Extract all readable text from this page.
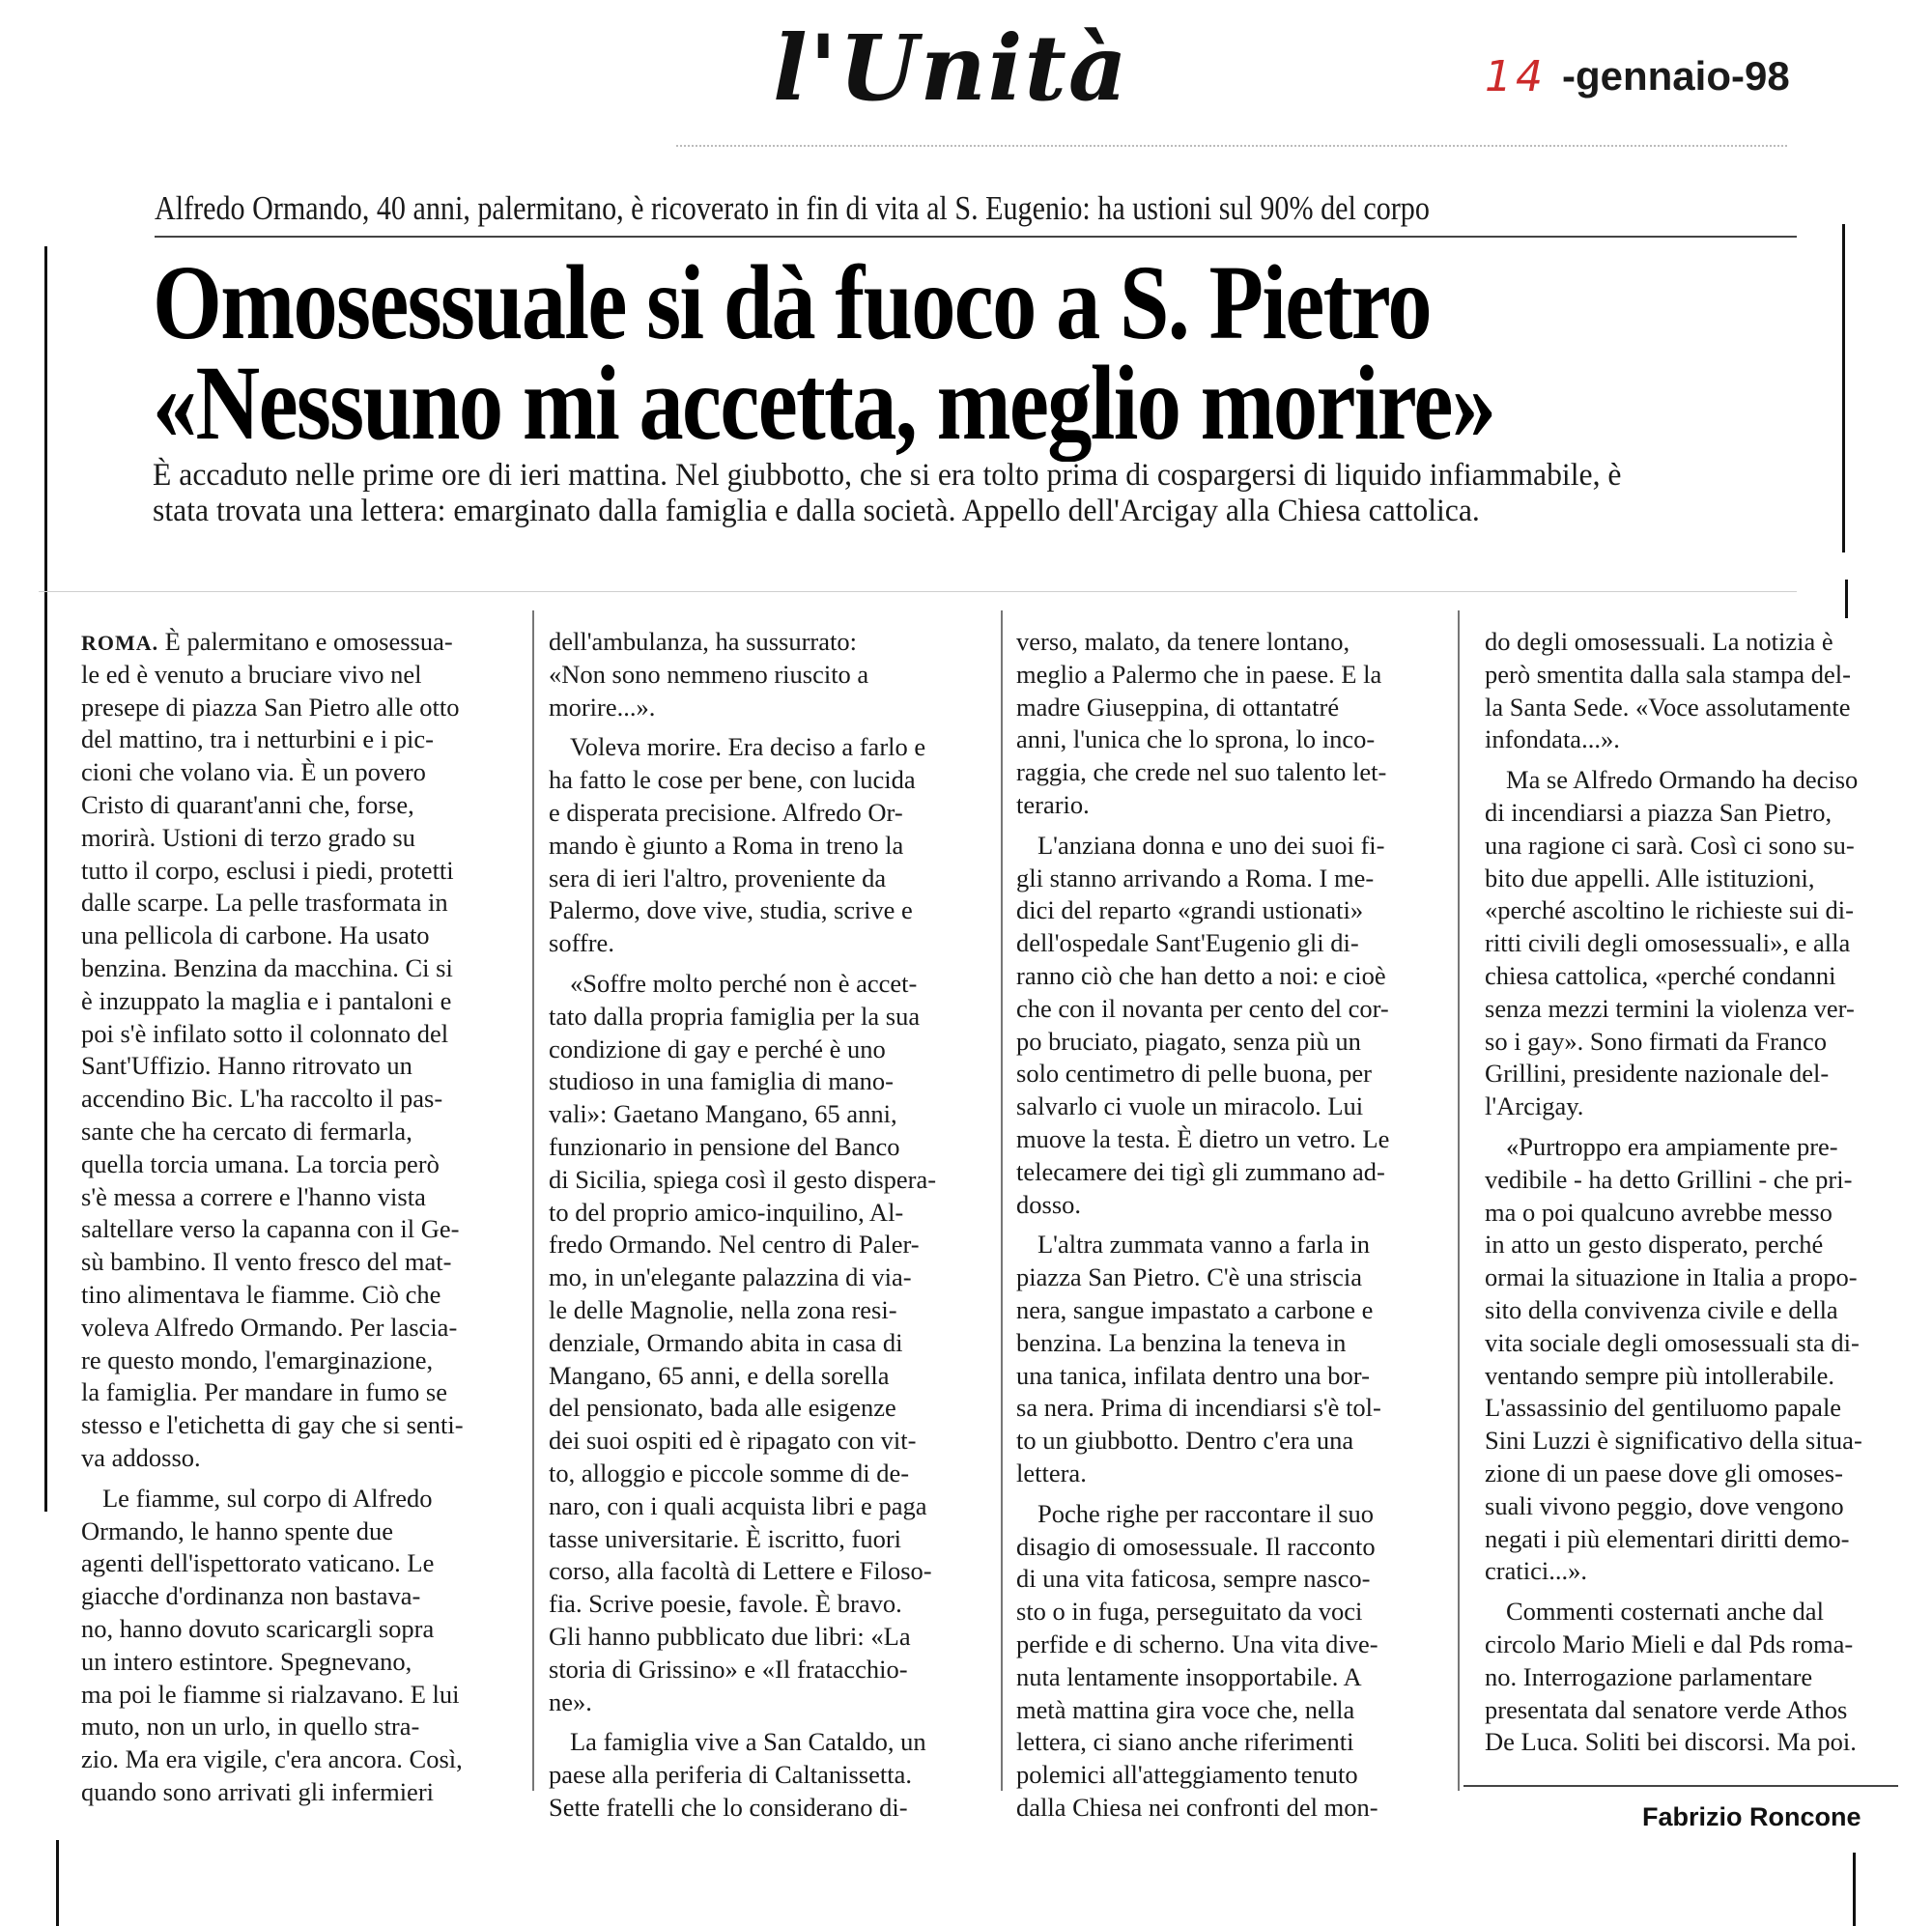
l'Unità	14 -gennaio-98
Alfredo Ormando, 40 anni, palermitano, è ricoverato in fin di vita al S. Eugenio: ha ustioni sul 90% del corpo
Omosessuale si dà fuoco a S. Pietro
«Nessuno mi accetta, meglio morire»

È accaduto nelle prime ore di ieri mattina. Nel giubbotto, che si era tolto prima di cospargersi di liquido infiammabile, è
stata trovata una lettera: emarginato dalla famiglia e dalla società. Appello dell'Arcigay alla Chiesa cattolica.

ROMA. È palermitano e omosessua-
le ed è venuto a bruciare vivo nel
presepe di piazza San Pietro alle otto
del mattino, tra i netturbini e i pic-
cioni che volano via. È un povero
Cristo di quarant'anni che, forse,
morirà. Ustioni di terzo grado su
tutto il corpo, esclusi i piedi, protetti
dalle scarpe. La pelle trasformata in
una pellicola di carbone. Ha usato
benzina. Benzina da macchina. Ci si
è inzuppato la maglia e i pantaloni e
poi s'è infilato sotto il colonnato del
Sant'Uffizio. Hanno ritrovato un
accendino Bic. L'ha raccolto il pas-
sante che ha cercato di fermarla,
quella torcia umana. La torcia però
s'è messa a correre e l'hanno vista
saltellare verso la capanna con il Ge-
sù bambino. Il vento fresco del mat-
tino alimentava le fiamme. Ciò che
voleva Alfredo Ormando. Per lascia-
re questo mondo, l'emarginazione,
la famiglia. Per mandare in fumo se
stesso e l'etichetta di gay che si senti-
va addosso.
Le fiamme, sul corpo di Alfredo
Ormando, le hanno spente due
agenti dell'ispettorato vaticano. Le
giacche d'ordinanza non bastava-
no, hanno dovuto scaricargli sopra
un intero estintore. Spegnevano,
ma poi le fiamme si rialzavano. E lui
muto, non un urlo, in quello stra-
zio. Ma era vigile, c'era ancora. Così,
quando sono arrivati gli infermieri
dell'ambulanza, ha sussurrato:
«Non sono nemmeno riuscito a
morire...».
Voleva morire. Era deciso a farlo e
ha fatto le cose per bene, con lucida
e disperata precisione. Alfredo Or-
mando è giunto a Roma in treno la
sera di ieri l'altro, proveniente da
Palermo, dove vive, studia, scrive e
soffre.
«Soffre molto perché non è accet-
tato dalla propria famiglia per la sua
condizione di gay e perché è uno
studioso in una famiglia di mano-
vali»: Gaetano Mangano, 65 anni,
funzionario in pensione del Banco
di Sicilia, spiega così il gesto dispera-
to del proprio amico-inquilino, Al-
fredo Ormando. Nel centro di Paler-
mo, in un'elegante palazzina di via-
le delle Magnolie, nella zona resi-
denziale, Ormando abita in casa di
Mangano, 65 anni, e della sorella
del pensionato, bada alle esigenze
dei suoi ospiti ed è ripagato con vit-
to, alloggio e piccole somme di de-
naro, con i quali acquista libri e paga
tasse universitarie. È iscritto, fuori
corso, alla facoltà di Lettere e Filoso-
fia. Scrive poesie, favole. È bravo.
Gli hanno pubblicato due libri: «La
storia di Grissino» e «Il fratacchio-
ne».
La famiglia vive a San Cataldo, un
paese alla periferia di Caltanissetta.
Sette fratelli che lo considerano di-
verso, malato, da tenere lontano,
meglio a Palermo che in paese. E la
madre Giuseppina, di ottantatré
anni, l'unica che lo sprona, lo inco-
raggia, che crede nel suo talento let-
terario.
L'anziana donna e uno dei suoi fi-
gli stanno arrivando a Roma. I me-
dici del reparto «grandi ustionati»
dell'ospedale Sant'Eugenio gli di-
ranno ciò che han detto a noi: e cioè
che con il novanta per cento del cor-
po bruciato, piagato, senza più un
solo centimetro di pelle buona, per
salvarlo ci vuole un miracolo. Lui
muove la testa. È dietro un vetro. Le
telecamere dei tigì gli zummano ad-
dosso.
L'altra zummata vanno a farla in
piazza San Pietro. C'è una striscia
nera, sangue impastato a carbone e
benzina. La benzina la teneva in
una tanica, infilata dentro una bor-
sa nera. Prima di incendiarsi s'è tol-
to un giubbotto. Dentro c'era una
lettera.
Poche righe per raccontare il suo
disagio di omosessuale. Il racconto
di una vita faticosa, sempre nasco-
sto o in fuga, perseguitato da voci
perfide e di scherno. Una vita dive-
nuta lentamente insopportabile. A
metà mattina gira voce che, nella
lettera, ci siano anche riferimenti
polemici all'atteggiamento tenuto
dalla Chiesa nei confronti del mon-
do degli omosessuali. La notizia è
però smentita dalla sala stampa del-
la Santa Sede. «Voce assolutamente
infondata...».
Ma se Alfredo Ormando ha deciso
di incendiarsi a piazza San Pietro,
una ragione ci sarà. Così ci sono su-
bito due appelli. Alle istituzioni,
«perché ascoltino le richieste sui di-
ritti civili degli omosessuali», e alla
chiesa cattolica, «perché condanni
senza mezzi termini la violenza ver-
so i gay». Sono firmati da Franco
Grillini, presidente nazionale del-
l'Arcigay.
«Purtroppo era ampiamente pre-
vedibile - ha detto Grillini - che pri-
ma o poi qualcuno avrebbe messo
in atto un gesto disperato, perché
ormai la situazione in Italia a propo-
sito della convivenza civile e della
vita sociale degli omosessuali sta di-
ventando sempre più intollerabile.
L'assassinio del gentiluomo papale
Sini Luzzi è significativo della situa-
zione di un paese dove gli omoses-
suali vivono peggio, dove vengono
negati i più elementari diritti demo-
cratici...».
Commenti costernati anche dal
circolo Mario Mieli e dal Pds roma-
no. Interrogazione parlamentare
presentata dal senatore verde Athos
De Luca. Soliti bei discorsi. Ma poi.
Fabrizio Roncone
